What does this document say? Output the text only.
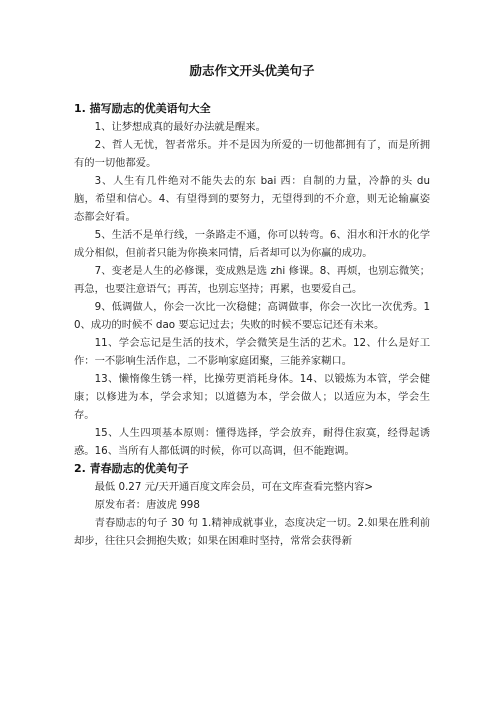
励志作文开头优美句子
1. 描写励志的优美语句大全

1、让梦想成真的最好办法就是醒来。

2、哲人无忧，智者常乐。并不是因为所爱的一切他都拥有了，而是所拥有的一切他都爱。

3、人生有几件绝对不能失去的东 bai 西：自制的力量，冷静的头 du 脑，希望和信心。4、有望得到的要努力，无望得到的不介意，则无论输赢姿态都会好看。

5、生活不是单行线，一条路走不通，你可以转弯。6、泪水和汗水的化学成分相似，但前者只能为你换来同情，后者却可以为你赢的成功。

7、变老是人生的必修课，变成熟是选 zhi 修课。8、再烦，也别忘微笑；再急，也要注意语气；再苦，也别忘坚持；再累，也要爱自己。

9、低调做人，你会一次比一次稳健；高调做事，你会一次比一次优秀。10、成功的时候不 dao 要忘记过去；失败的时候不要忘记还有未来。

11、学会忘记是生活的技术，学会微笑是生活的艺术。12、什么是好工作：一不影响生活作息，二不影响家庭团聚，三能养家糊口。

13、懒惰像生锈一样，比操劳更消耗身体。14、以锻炼为本管，学会健康；以修进为本，学会求知；以道德为本，学会做人；以适应为本，学会生存。

15、人生四项基本原则：懂得选择，学会放弃，耐得住寂寞，经得起诱惑。16、当所有人都低调的时候，你可以高调，但不能跑调。

2. 青春励志的优美句子
最低 0.27 元/天开通百度文库会员，可在文库查看完整内容>
原发布者：唐波虎 998

青春励志的句子 30 句 1.精神成就事业，态度决定一切。2.如果在胜利前却步，往往只会拥抱失败；如果在困难时坚持，常常会获得新
